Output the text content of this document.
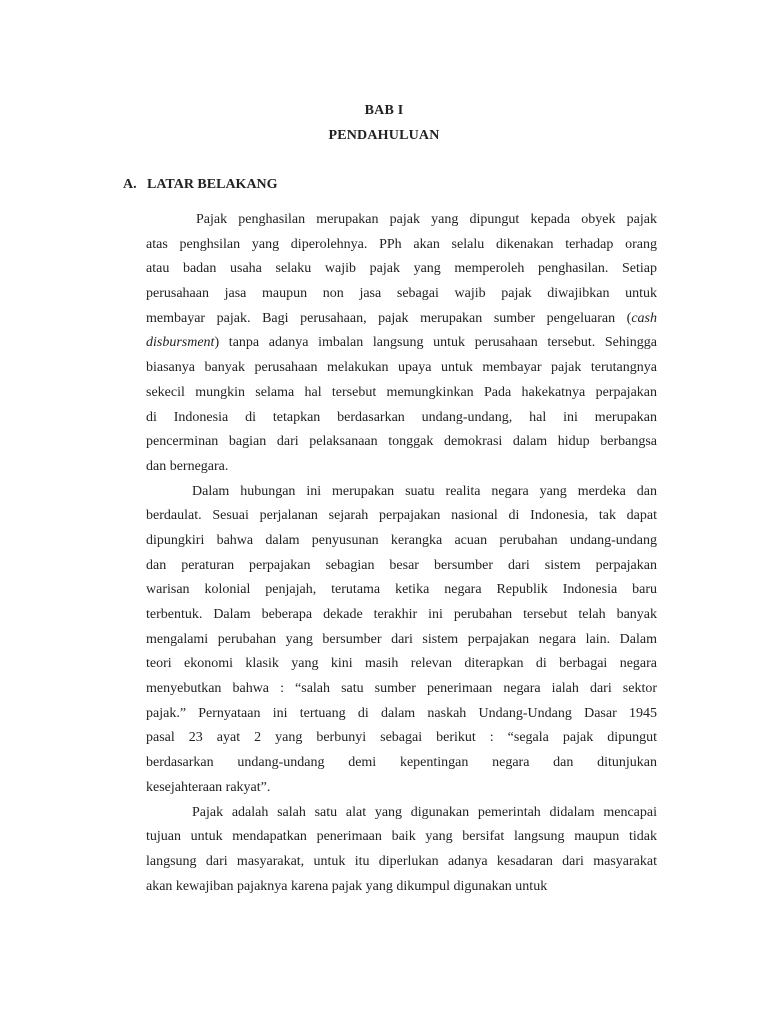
BAB I
PENDAHULUAN
A. LATAR BELAKANG
Pajak penghasilan merupakan pajak yang dipungut kepada obyek pajak
atas penghsilan yang diperolehnya. PPh akan selalu dikenakan terhadap orang
atau badan usaha selaku wajib pajak yang memperoleh penghasilan. Setiap
perusahaan jasa maupun non jasa sebagai wajib pajak diwajibkan untuk
membayar pajak. Bagi perusahaan, pajak merupakan sumber pengeluaran (cash
disbursment) tanpa adanya imbalan langsung untuk perusahaan tersebut. Sehingga
biasanya banyak perusahaan melakukan upaya untuk membayar pajak terutangnya
sekecil mungkin selama hal tersebut memungkinkan Pada hakekatnya perpajakan
di Indonesia di tetapkan berdasarkan undang-undang, hal ini merupakan
pencerminan bagian dari pelaksanaan tonggak demokrasi dalam hidup berbangsa
dan bernegara.
Dalam hubungan ini merupakan suatu realita negara yang merdeka dan
berdaulat. Sesuai perjalanan sejarah perpajakan nasional di Indonesia, tak dapat
dipungkiri bahwa dalam penyusunan kerangka acuan perubahan undang-undang
dan peraturan perpajakan sebagian besar bersumber dari sistem perpajakan
warisan kolonial penjajah, terutama ketika negara Republik Indonesia baru
terbentuk. Dalam beberapa dekade terakhir ini perubahan tersebut telah banyak
mengalami perubahan yang bersumber dari sistem perpajakan negara lain. Dalam
teori ekonomi klasik yang kini masih relevan diterapkan di berbagai negara
menyebutkan bahwa : “salah satu sumber penerimaan negara ialah dari sektor
pajak.” Pernyataan ini tertuang di dalam naskah Undang-Undang Dasar 1945
pasal 23 ayat 2 yang berbunyi sebagai berikut : “segala pajak dipungut
berdasarkan undang-undang demi kepentingan negara dan ditunjukan
kesejahteraan rakyat”.
Pajak adalah salah satu alat yang digunakan pemerintah didalam mencapai
tujuan untuk mendapatkan penerimaan baik yang bersifat langsung maupun tidak
langsung dari masyarakat, untuk itu diperlukan adanya kesadaran dari masyarakat
akan kewajiban pajaknya karena pajak yang dikumpul digunakan untuk
